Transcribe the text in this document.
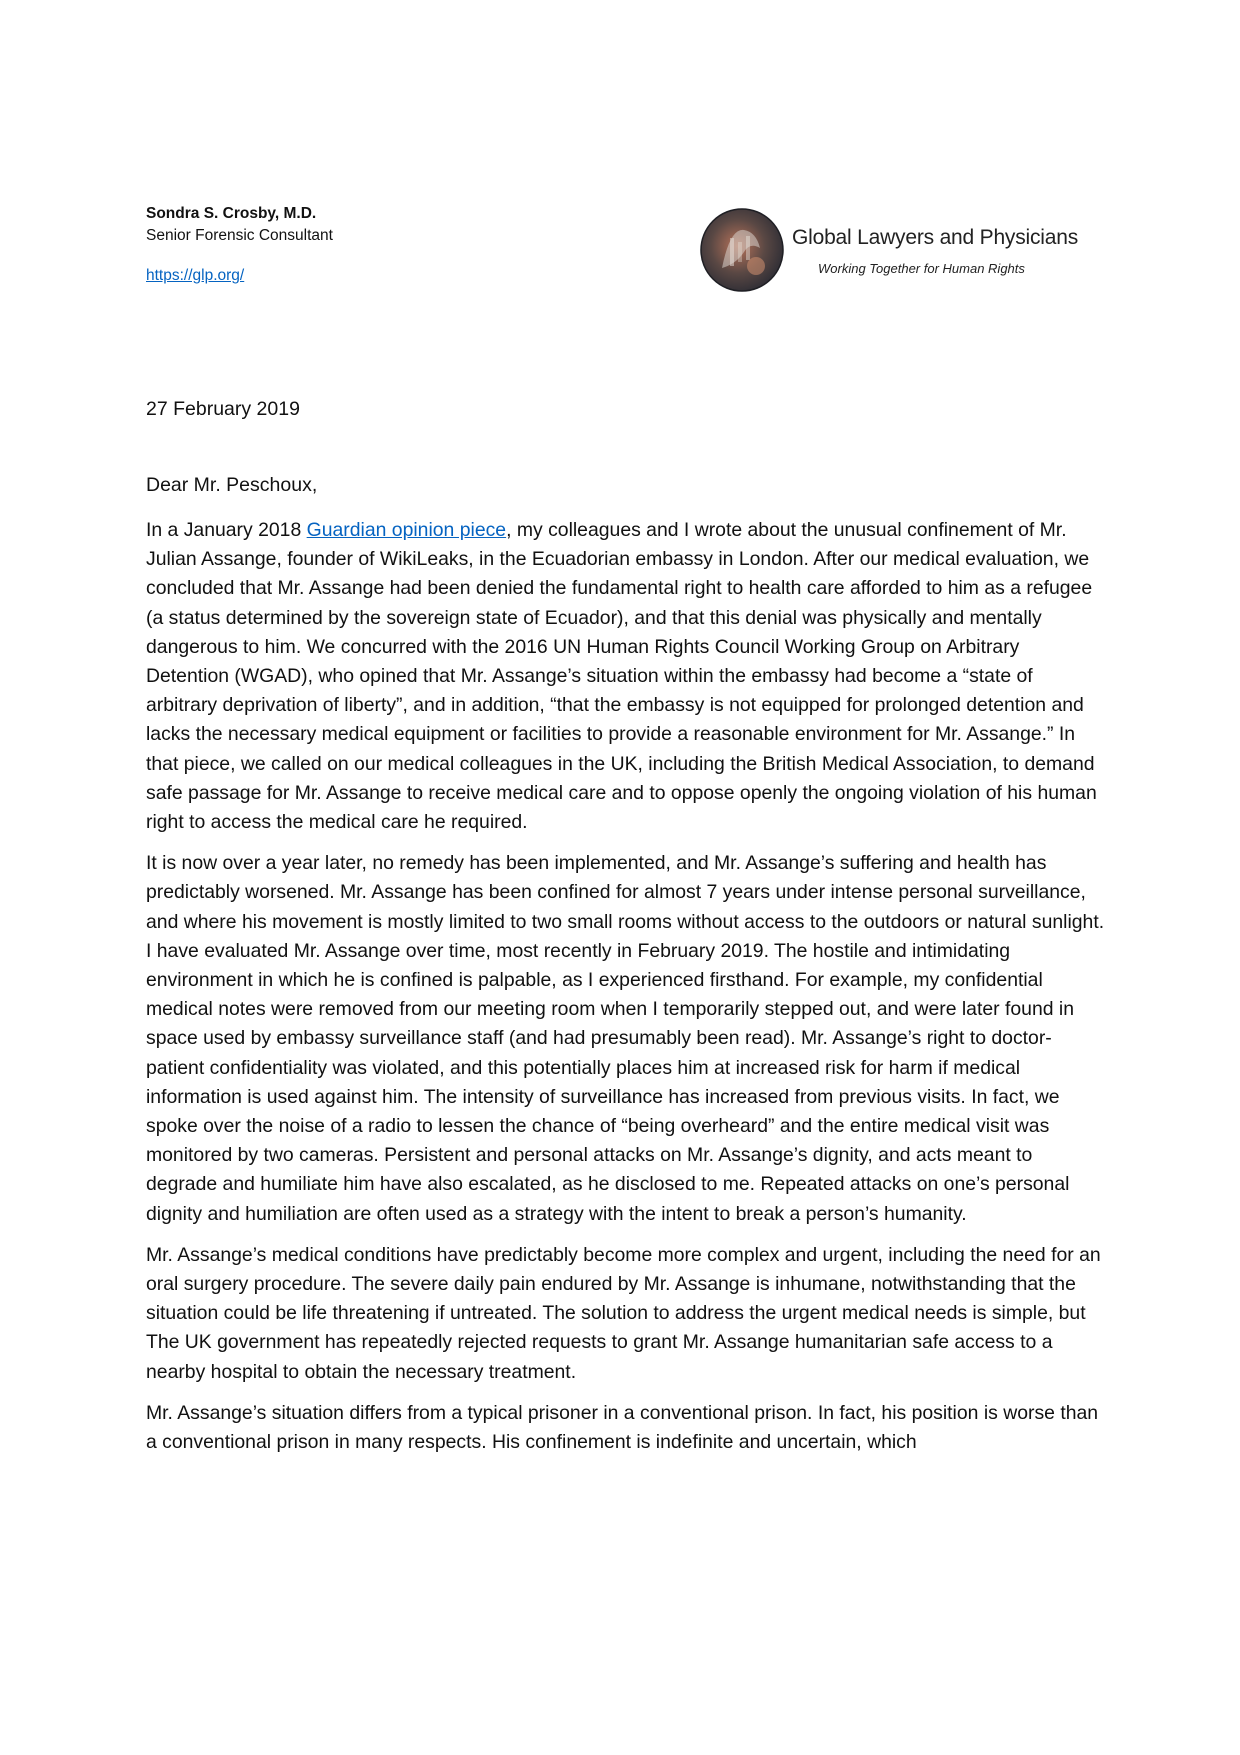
Sondra S. Crosby, M.D.
Senior Forensic Consultant
https://glp.org/
Global Lawyers and Physicians
Working Together for Human Rights
27 February 2019
Dear Mr. Peschoux,

In a January 2018 Guardian opinion piece, my colleagues and I wrote about the unusual confinement of Mr. Julian Assange, founder of WikiLeaks, in the Ecuadorian embassy in London. After our medical evaluation, we concluded that Mr. Assange had been denied the fundamental right to health care afforded to him as a refugee (a status determined by the sovereign state of Ecuador), and that this denial was physically and mentally dangerous to him. We concurred with the 2016 UN Human Rights Council Working Group on Arbitrary Detention (WGAD), who opined that Mr. Assange’s situation within the embassy had become a “state of arbitrary deprivation of liberty”, and in addition, “that the embassy is not equipped for prolonged detention and lacks the necessary medical equipment or facilities to provide a reasonable environment for Mr. Assange.” In that piece, we called on our medical colleagues in the UK, including the British Medical Association, to demand safe passage for Mr. Assange to receive medical care and to oppose openly the ongoing violation of his human right to access the medical care he required.

It is now over a year later, no remedy has been implemented, and Mr. Assange’s suffering and health has predictably worsened. Mr. Assange has been confined for almost 7 years under intense personal surveillance, and where his movement is mostly limited to two small rooms without access to the outdoors or natural sunlight. I have evaluated Mr. Assange over time, most recently in February 2019. The hostile and intimidating environment in which he is confined is palpable, as I experienced firsthand. For example, my confidential medical notes were removed from our meeting room when I temporarily stepped out, and were later found in space used by embassy surveillance staff (and had presumably been read). Mr. Assange’s right to doctor-patient confidentiality was violated, and this potentially places him at increased risk for harm if medical information is used against him. The intensity of surveillance has increased from previous visits. In fact, we spoke over the noise of a radio to lessen the chance of “being overheard” and the entire medical visit was monitored by two cameras. Persistent and personal attacks on Mr. Assange’s dignity, and acts meant to degrade and humiliate him have also escalated, as he disclosed to me. Repeated attacks on one’s personal dignity and humiliation are often used as a strategy with the intent to break a person’s humanity.

Mr. Assange’s medical conditions have predictably become more complex and urgent, including the need for an oral surgery procedure. The severe daily pain endured by Mr. Assange is inhumane, notwithstanding that the situation could be life threatening if untreated. The solution to address the urgent medical needs is simple, but The UK government has repeatedly rejected requests to grant Mr. Assange humanitarian safe access to a nearby hospital to obtain the necessary treatment.

Mr. Assange’s situation differs from a typical prisoner in a conventional prison. In fact, his position is worse than a conventional prison in many respects. His confinement is indefinite and uncertain, which
